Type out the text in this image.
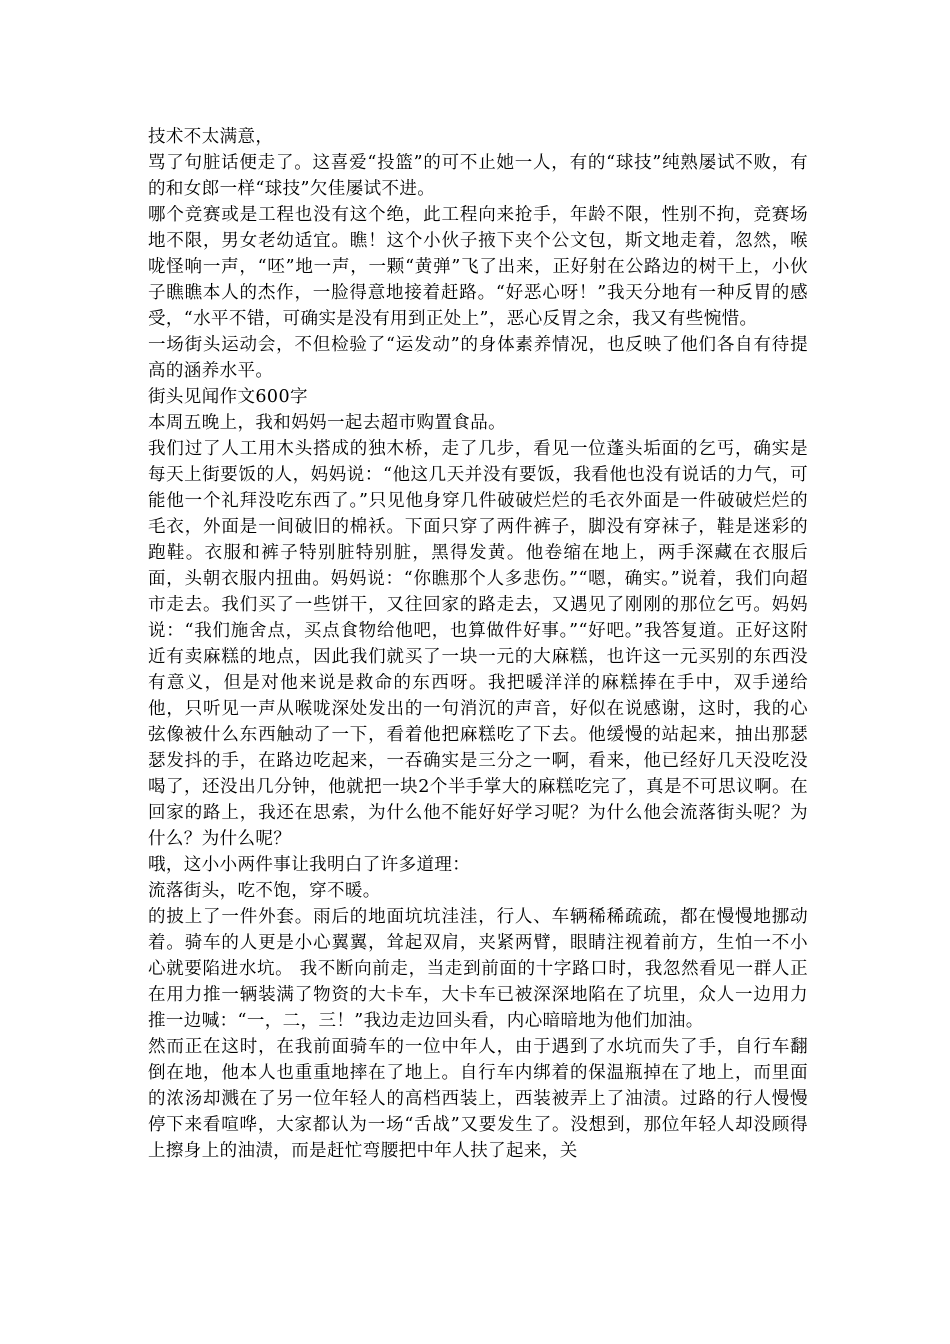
技术不太满意，

骂了句脏话便走了。这喜爱“投篮”的可不止她一人，有的“球技”纯熟屡试不败，有的和女郎一样“球技”欠佳屡试不进。

哪个竞赛或是工程也没有这个绝，此工程向来抢手，年龄不限，性别不拘，竞赛场地不限，男女老幼适宜。瞧！这个小伙子掖下夹个公文包，斯文地走着，忽然，喉咙怪响一声，“呸”地一声，一颗“黄弹”飞了出来，正好射在公路边的树干上，小伙子瞧瞧本人的杰作，一脸得意地接着赶路。“好恶心呀！”我天分地有一种反胃的感受，“水平不错，可确实是没有用到正处上”，恶心反胃之余，我又有些惋惜。

一场街头运动会，不但检验了“运发动”的身体素养情况，也反映了他们各自有待提高的涵养水平。

街头见闻作文600字

本周五晚上，我和妈妈一起去超市购置食品。

我们过了人工用木头搭成的独木桥，走了几步，看见一位蓬头垢面的乞丐，确实是每天上街要饭的人，妈妈说：“他这几天并没有要饭，我看他也没有说话的力气，可能他一个礼拜没吃东西了。”只见他身穿几件破破烂烂的毛衣外面是一件破破烂烂的毛衣，外面是一间破旧的棉袄。下面只穿了两件裤子，脚没有穿袜子，鞋是迷彩的跑鞋。衣服和裤子特别脏特别脏，黑得发黄。他卷缩在地上，两手深藏在衣服后面，头朝衣服内扭曲。妈妈说：“你瞧那个人多悲伤。”“嗯，确实。”说着，我们向超市走去。我们买了一些饼干，又往回家的路走去，又遇见了刚刚的那位乞丐。妈妈说：“我们施舍点，买点食物给他吧，也算做件好事。”“好吧。”我答复道。正好这附近有卖麻糕的地点，因此我们就买了一块一元的大麻糕，也许这一元买别的东西没有意义，但是对他来说是救命的东西呀。我把暖洋洋的麻糕捧在手中，双手递给他，只听见一声从喉咙深处发出的一句消沉的声音，好似在说感谢，这时，我的心弦像被什么东西触动了一下，看着他把麻糕吃了下去。他缓慢的站起来，抽出那瑟瑟发抖的手，在路边吃起来，一吞确实是三分之一啊，看来，他已经好几天没吃没喝了，还没出几分钟，他就把一块2个半手掌大的麻糕吃完了，真是不可思议啊。在回家的路上，我还在思索，为什么他不能好好学习呢？为什么他会流落街头呢？为什么？为什么呢？

哦，这小小两件事让我明白了许多道理：

流落街头，吃不饱，穿不暖。

的披上了一件外套。雨后的地面坑坑洼洼，行人、车辆稀稀疏疏，都在慢慢地挪动着。骑车的人更是小心翼翼，耸起双肩，夹紧两臂，眼睛注视着前方，生怕一不小心就要陷进水坑。 我不断向前走，当走到前面的十字路口时，我忽然看见一群人正在用力推一辆装满了物资的大卡车，大卡车已被深深地陷在了坑里，众人一边用力推一边喊：“一，二，三！”我边走边回头看，内心暗暗地为他们加油。

然而正在这时，在我前面骑车的一位中年人，由于遇到了水坑而失了手，自行车翻倒在地，他本人也重重地摔在了地上。自行车内绑着的保温瓶掉在了地上，而里面的浓汤却溅在了另一位年轻人的高档西装上，西装被弄上了油渍。过路的行人慢慢停下来看喧哗，大家都认为一场“舌战”又要发生了。没想到，那位年轻人却没顾得上擦身上的油渍，而是赶忙弯腰把中年人扶了起来，关
